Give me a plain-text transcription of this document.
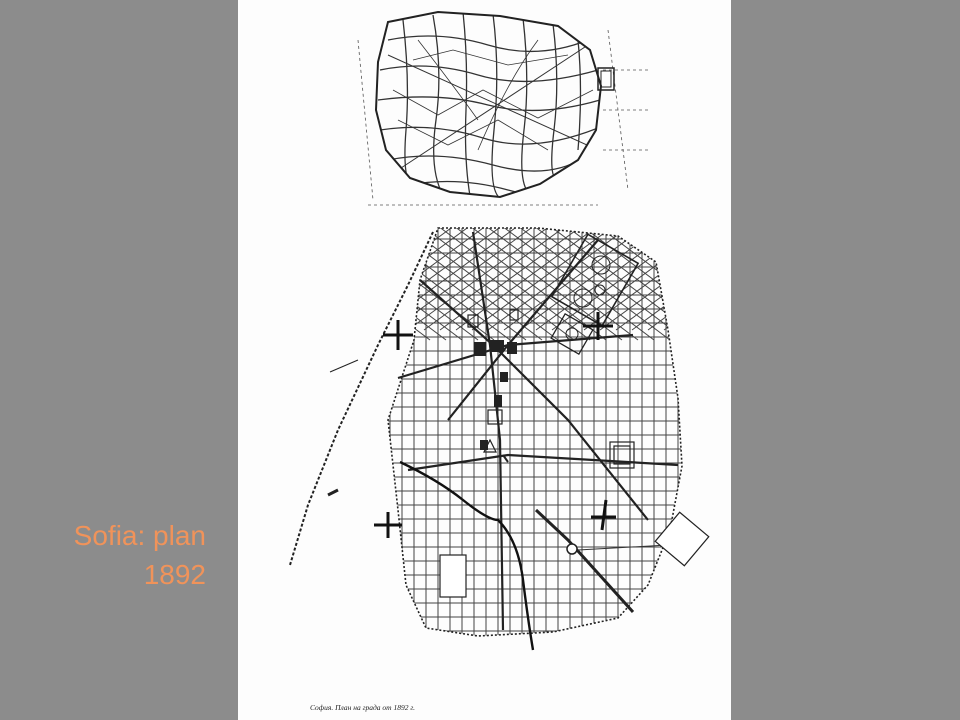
Sofia: plan
1892
София. План на града от 1892 г.
